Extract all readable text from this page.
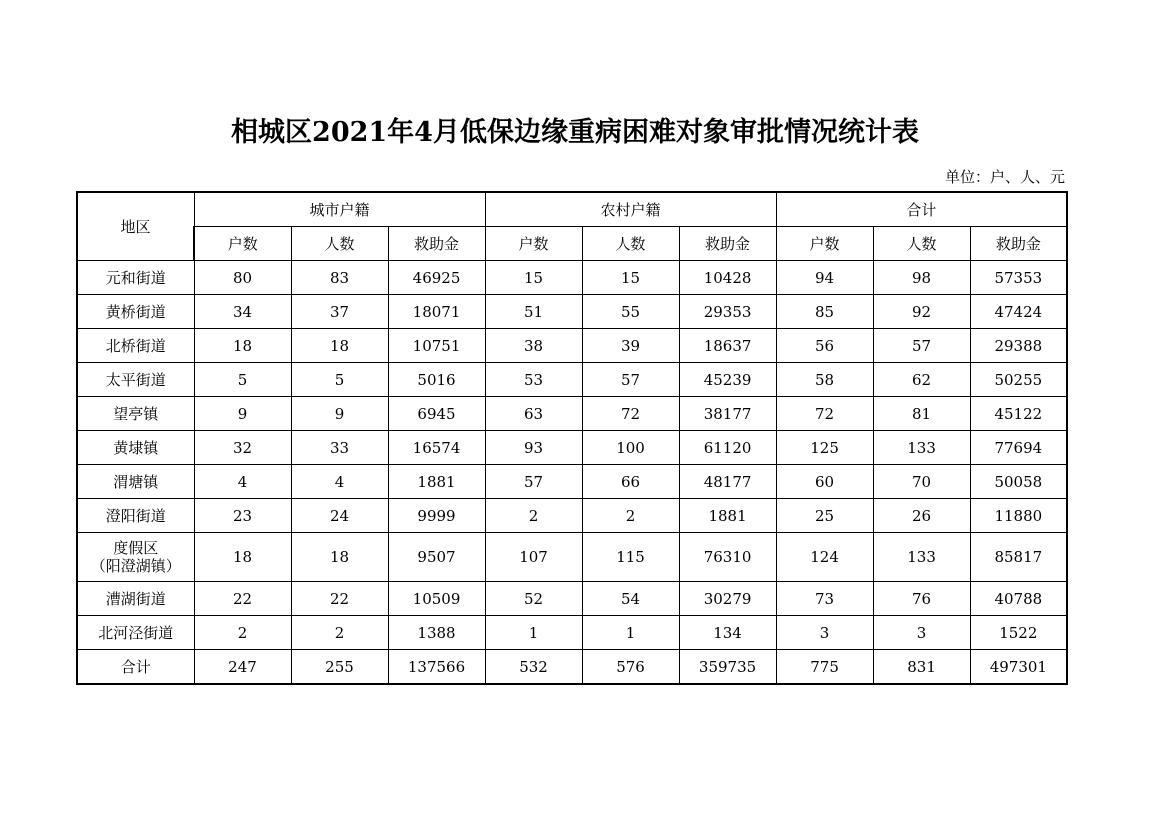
相城区2021年4月低保边缘重病困难对象审批情况统计表
单位：户、人、元
地区	城市户籍			农村户籍			合计		
	户数	人数	救助金	户数	人数	救助金	户数	人数	救助金
元和街道	80	83	46925	15	15	10428	94	98	57353
黄桥街道	34	37	18071	51	55	29353	85	92	47424
北桥街道	18	18	10751	38	39	18637	56	57	29388
太平街道	5	5	5016	53	57	45239	58	62	50255
望亭镇	9	9	6945	63	72	38177	72	81	45122
黄埭镇	32	33	16574	93	100	61120	125	133	77694
渭塘镇	4	4	1881	57	66	48177	60	70	50058
澄阳街道	23	24	9999	2	2	1881	25	26	11880
度假区
（阳澄湖镇）	18	18	9507	107	115	76310	124	133	85817
漕湖街道	22	22	10509	52	54	30279	73	76	40788
北河泾街道	2	2	1388	1	1	134	3	3	1522
合计	247	255	137566	532	576	359735	775	831	497301
